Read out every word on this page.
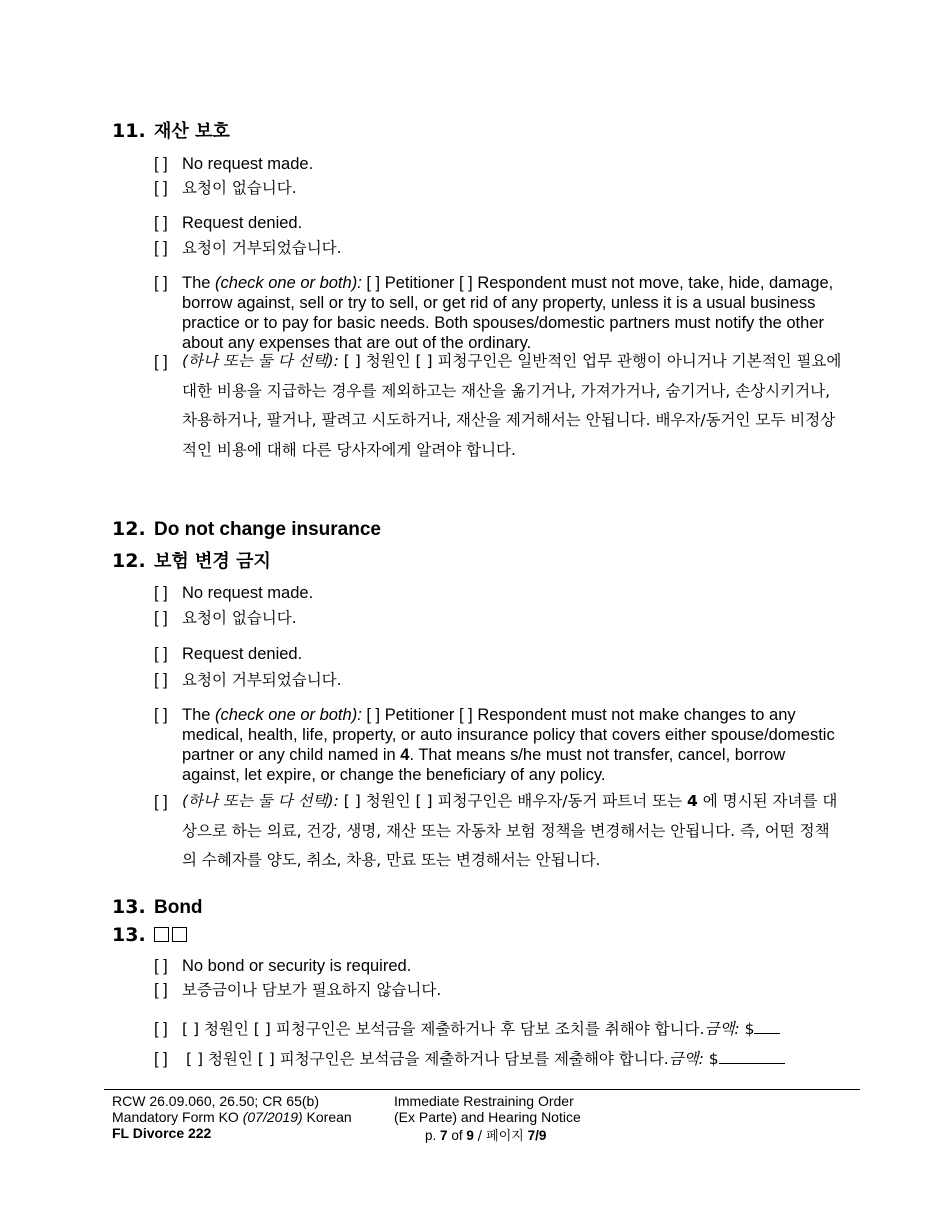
11. 재산 보호
[ ] No request made.
[ ] 요청이 없습니다.
[ ] Request denied.
[ ] 요청이 거부되었습니다.
[ ] The (check one or both): [ ] Petitioner [ ] Respondent must not move, take, hide, damage, borrow against, sell or try to sell, or get rid of any property, unless it is a usual business practice or to pay for basic needs. Both spouses/domestic partners must notify the other about any expenses that are out of the ordinary.
[ ] (하나 또는 둘 다 선택): [ ] 청원인 [ ] 피청구인은 일반적인 업무 관행이 아니거나 기본적인 필요에 대한 비용을 지급하는 경우를 제외하고는 재산을 옮기거나, 가져가거나, 숨기거나, 손상시키거나, 차용하거나, 팔거나, 팔려고 시도하거나, 재산을 제거해서는 안됩니다. 배우자/동거인 모두 비정상적인 비용에 대해 다른 당사자에게 알려야 합니다.
12. Do not change insurance
12. 보험 변경 금지
[ ] No request made.
[ ] 요청이 없습니다.
[ ] Request denied.
[ ] 요청이 거부되었습니다.
[ ] The (check one or both): [ ] Petitioner [ ] Respondent must not make changes to any medical, health, life, property, or auto insurance policy that covers either spouse/domestic partner or any child named in 4. That means s/he must not transfer, cancel, borrow against, let expire, or change the beneficiary of any policy.
[ ] (하나 또는 둘 다 선택): [ ] 청원인 [ ] 피청구인은 배우자/동거 파트너 또는 4 에 명시된 자녀를 대상으로 하는 의료, 건강, 생명, 재산 또는 자동차 보험 정책을 변경해서는 안됩니다. 즉, 어떤 정책의 수혜자를 양도, 취소, 차용, 만료 또는 변경해서는 안됩니다.
13. Bond
13.
[ ] No bond or security is required.
[ ] 보증금이나 담보가 필요하지 않습니다.
[ ] [ ] 청원인 [ ] 피청구인은 보석금을 제출하거나 후 담보 조치를 취해야 합니다.금액: $
[ ]	[ ] 청원인 [ ] 피청구인은 보석금을 제출하거나 담보를 제출해야 합니다.금액: $
RCW 26.09.060, 26.50; CR 65(b)
Mandatory Form KO (07/2019) Korean
FL Divorce 222
Immediate Restraining Order
(Ex Parte) and Hearing Notice
p. 7 of 9 / 페이지 7/9
